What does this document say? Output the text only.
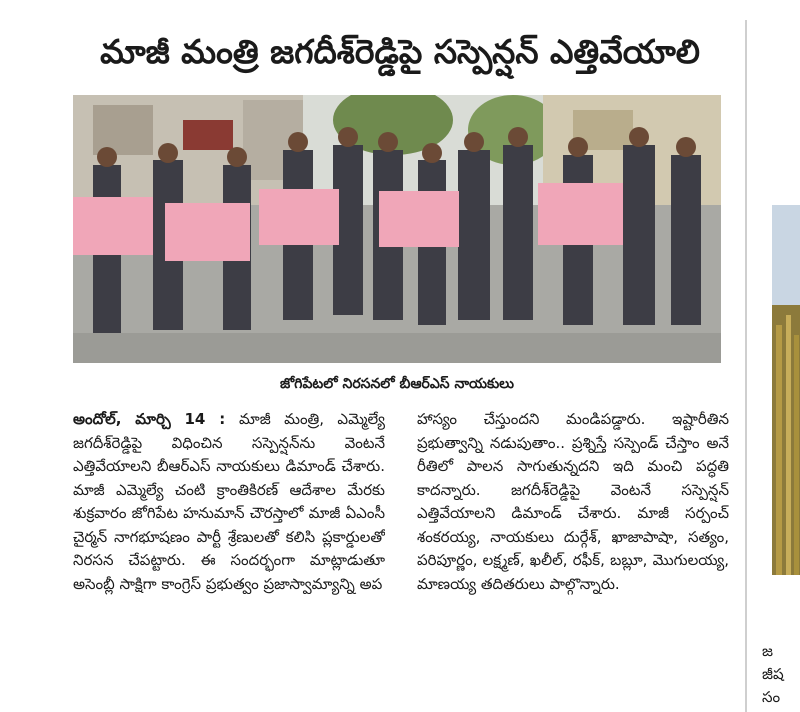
మాజీ మంత్రి జగదీశ్‌రెడ్డిపై సస్పెన్షన్ ఎత్తివేయాలి
జోగిపేటలో నిరసనలో బీఆర్‌ఎస్ నాయకులు
అందోల్, మార్చి 14 : మాజీ మంత్రి, ఎమ్మెల్యే జగదీశ్‌రెడ్డిపై విధించిన సస్పెన్షన్‌ను వెంటనే ఎత్తివేయాలని బీఆర్‌ఎస్ నాయకులు డిమాండ్ చేశారు. మాజీ ఎమ్మెల్యే చంటి క్రాంతికిరణ్ ఆదేశాల మేరకు శుక్రవారం జోగిపేట హనుమాన్ చౌరస్తాలో మాజీ ఏఎంసీ చైర్మన్ నాగభూషణం పార్టీ శ్రేణులతో కలిసి ప్లకార్డులతో నిరసన చేపట్టారు. ఈ సందర్భంగా మాట్లాడుతూ అసెంబ్లీ సాక్షిగా కాంగ్రెస్ ప్రభుత్వం ప్రజాస్వామ్యాన్ని అప
హాస్యం చేస్తుందని మండిపడ్డారు. ఇష్టారీతిన ప్రభుత్వాన్ని నడుపుతాం.. ప్రశ్నిస్తే సస్పెండ్ చేస్తాం అనే రీతిలో పాలన సాగుతున్నదని ఇది మంచి పద్ధతి కాదన్నారు. జగదీశ్‌రెడ్డిపై వెంటనే సస్పెన్షన్ ఎత్తివేయాలని డిమాండ్ చేశారు. మాజీ సర్పంచ్ శంకరయ్య, నాయకులు దుర్గేశ్, ఖాజాపాషా, సత్యం, పరిపూర్ణం, లక్ష్మణ్, ఖలీల్, రఫీక్, బబ్లూ, మొగులయ్య, మాణయ్య తదితరులు పాల్గొన్నారు.
జ
జీష
సం
